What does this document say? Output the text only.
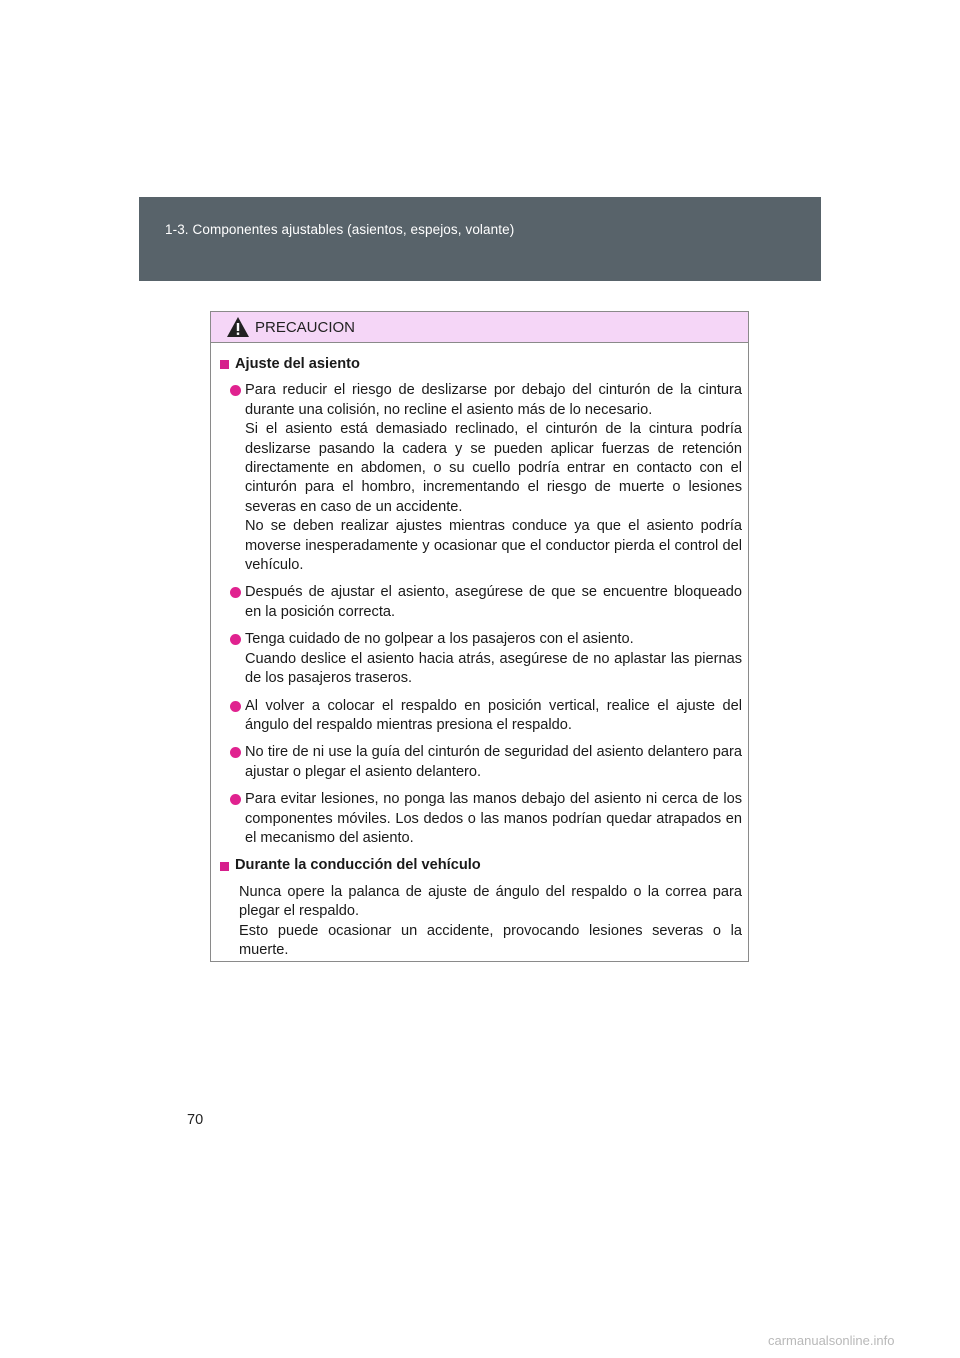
1-3. Componentes ajustables (asientos, espejos, volante)
PRECAUCION
Ajuste del asiento
Para reducir el riesgo de deslizarse por debajo del cinturón de la cintura durante una colisión, no recline el asiento más de lo necesario.
Si el asiento está demasiado reclinado, el cinturón de la cintura podría deslizarse pasando la cadera y se pueden aplicar fuerzas de retención directamente en abdomen, o su cuello podría entrar en contacto con el cinturón para el hombro, incrementando el riesgo de muerte o lesiones severas en caso de un accidente.
No se deben realizar ajustes mientras conduce ya que el asiento podría moverse inesperadamente y ocasionar que el conductor pierda el control del vehículo.
Después de ajustar el asiento, asegúrese de que se encuentre bloqueado en la posición correcta.
Tenga cuidado de no golpear a los pasajeros con el asiento.
Cuando deslice el asiento hacia atrás, asegúrese de no aplastar las piernas de los pasajeros traseros.
Al volver a colocar el respaldo en posición vertical, realice el ajuste del ángulo del respaldo mientras presiona el respaldo.
No tire de ni use la guía del cinturón de seguridad del asiento delantero para ajustar o plegar el asiento delantero.
Para evitar lesiones, no ponga las manos debajo del asiento ni cerca de los componentes móviles. Los dedos o las manos podrían quedar atrapados en el mecanismo del asiento.
Durante la conducción del vehículo
Nunca opere la palanca de ajuste de ángulo del respaldo o la correa para plegar el respaldo.
Esto puede ocasionar un accidente, provocando lesiones severas o la muerte.
70
carmanualsonline.info
